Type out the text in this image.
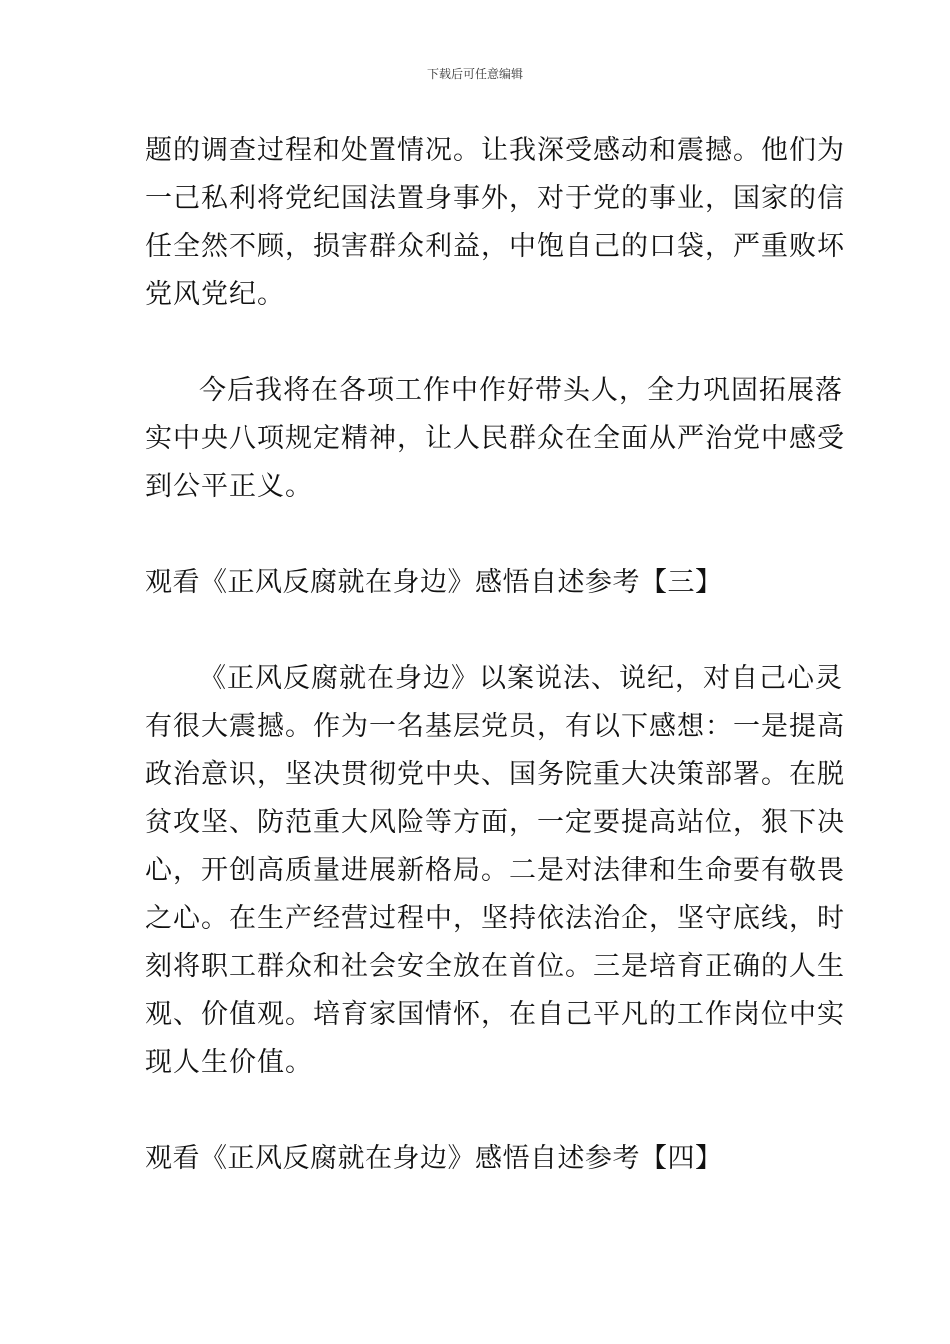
下载后可任意编辑
题的调查过程和处置情况。让我深受感动和震撼。他们为
一己私利将党纪国法置身事外，对于党的事业，国家的信
任全然不顾，损害群众利益，中饱自己的口袋，严重败坏
党风党纪。
今后我将在各项工作中作好带头人，全力巩固拓展落
实中央八项规定精神，让人民群众在全面从严治党中感受
到公平正义。
观看《正风反腐就在身边》感悟自述参考【三】
《正风反腐就在身边》以案说法、说纪，对自己心灵
有很大震撼。作为一名基层党员，有以下感想：一是提高
政治意识，坚决贯彻党中央、国务院重大决策部署。在脱
贫攻坚、防范重大风险等方面，一定要提高站位，狠下决
心，开创高质量进展新格局。二是对法律和生命要有敬畏
之心。在生产经营过程中，坚持依法治企，坚守底线，时
刻将职工群众和社会安全放在首位。三是培育正确的人生
观、价值观。培育家国情怀，在自己平凡的工作岗位中实
现人生价值。
观看《正风反腐就在身边》感悟自述参考【四】
